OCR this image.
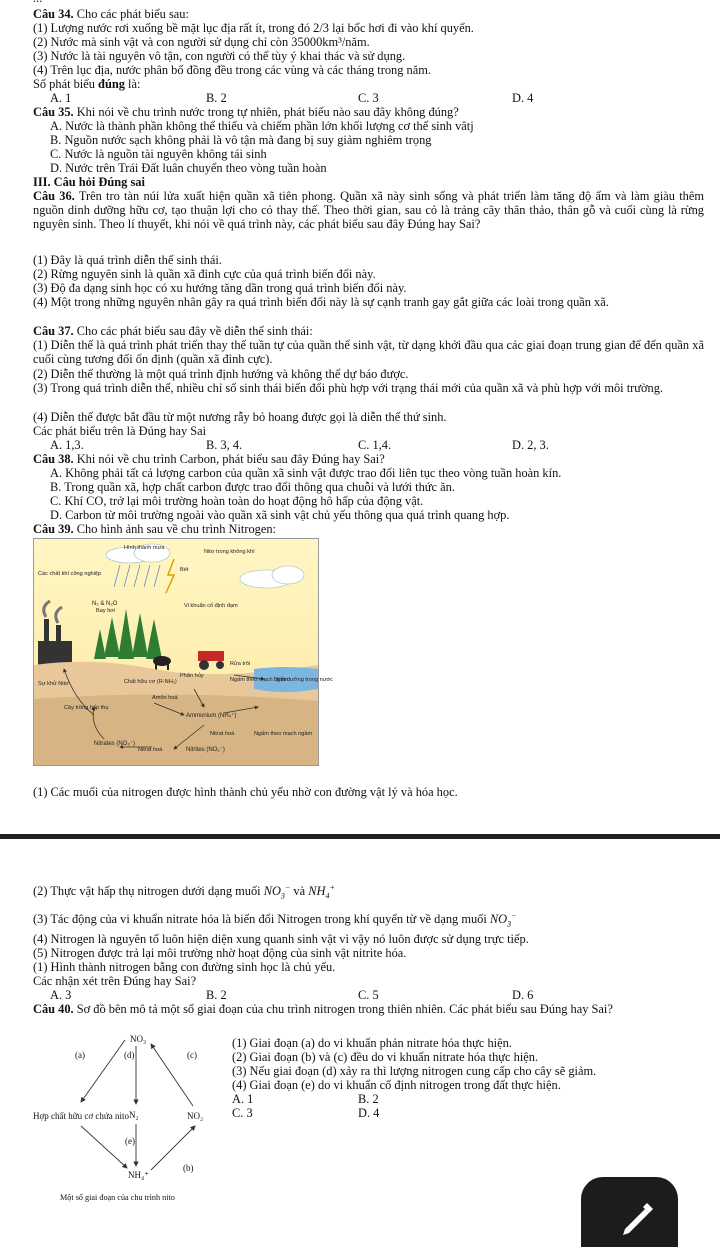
Câu 34. Cho các phát biểu sau:
(1) Lượng nước rơi xuống bề mặt lục địa rất ít, trong đó 2/3 lại bốc hơi đi vào khí quyển.
(2) Nước mà sinh vật và con người sử dụng chỉ còn 35000km³/năm.
(3) Nước là tài nguyên vô tận, con người có thể tùy ý khai thác và sử dụng.
(4) Trên lục địa, nước phân bố đồng đều trong các vùng và các tháng trong năm.
Số phát biểu đúng là:
A. 1	B. 2	C. 3	D. 4
Câu 35. Khi nói về chu trình nước trong tự nhiên, phát biểu nào sau đây không đúng?
A. Nước là thành phần không thể thiếu và chiếm phần lớn khối lượng cơ thể sinh vâtj
B. Nguồn nước sạch không phải là vô tận mà đang bị suy giảm nghiêm trọng
C. Nước là nguồn tài nguyên không tái sinh
D. Nước trên Trái Đất luân chuyển theo vòng tuần hoàn
III. Câu hỏi Đúng sai
Câu 36. Trên tro tàn núi lửa xuất hiện quần xã tiên phong. Quần xã này sinh sống và phát triển làm tăng độ ẩm và làm giàu thêm nguồn dinh dưỡng hữu cơ, tạo thuận lợi cho cỏ thay thế. Theo thời gian, sau cỏ là trảng cây thân thảo, thân gỗ và cuối cùng là rừng nguyên sinh. Theo lí thuyết, khi nói về quá trình này, các phát biểu sau đây Đúng hay Sai?
(1) Đây là quá trình diễn thế sinh thái.
(2) Rừng nguyên sinh là quần xã đỉnh cực của quá trình biến đổi này.
(3) Độ đa dạng sinh học có xu hướng tăng dần trong quá trình biến đổi này.
(4) Một trong những nguyên nhân gây ra quá trình biến đổi này là sự cạnh tranh gay gắt giữa các loài trong quần xã.
Câu 37. Cho các phát biểu sau đây về diễn thế sinh thái:
(1) Diễn thế là quá trình phát triển thay thế tuần tự của quần thể sinh vật, từ dạng khởi đầu qua các giai đoạn trung gian để đến quần xã cuối cùng tương đối ổn định (quần xã đỉnh cực).
(2) Diễn thế thường là một quá trình định hướng và không thể dự báo được.
(3) Trong quá trình diễn thế, nhiều chỉ số sinh thái biến đổi phù hợp với trạng thái mới của quần xã và phù hợp với môi trường.
(4) Diễn thế được bắt đầu từ một nương rẫy bỏ hoang được gọi là diễn thế thứ sinh.
Các phát biểu trên là Đúng hay Sai
A. 1,3.	B. 3, 4.	C. 1,4.	D. 2, 3.
Câu 38. Khi nói về chu trình Carbon, phát biểu sau đây Đúng hay Sai?
A. Không phải tất cả lượng carbon của quần xã sinh vật được trao đổi liên tục theo vòng tuần hoàn kín.
B. Trong quần xã, hợp chất carbon được trao đổi thông qua chuỗi và lưới thức ăn.
C. Khí CO, trở lại môi trường hoàn toàn do hoạt động hô hấp của động vật.
D. Carbon từ môi trường ngoài vào quần xã sinh vật chủ yếu thông qua quá trình quang hợp.
Câu 39. Cho hình ảnh sau về chu trình Nitrogen:
Hình thành mưa
Nitơ trong không khí
Bét
Các chất khí công nghiệp
N₂ & N₂O
Bay hơi
Vi khuẩn cố định đạm
Sự khử Nitơ	Chất hữu cơ (R-NH₂)
Phân hủy
Rửa trôi
Ngấm theo mạch ngầm
Dinh dưỡng trong nước
Cây trồng hấp thụ
Amôn hoá
Ammonium (NH₄⁺)
Nitrat hoá	Ngấm theo mạch ngầm
Nitrates (NO₃⁻)
Nitrat hoá	Nitrites (NO₂⁻)
(1) Các muối của nitrogen được hình thành chủ yếu nhờ con đường vật lý và hóa học.
(2) Thực vật hấp thụ nitrogen dưới dạng muối $NO_3^-$ và $NH_4^+$
(3) Tác động của vi khuẩn nitrate hóa là biến đổi Nitrogen trong khí quyển từ về dạng muối $NO_3^-$
(4) Nitrogen là nguyên tố luôn hiện diện xung quanh sinh vật vì vậy nó luôn được sử dụng trực tiếp.
(5) Nitrogen được trả lại môi trường nhờ hoạt động của sinh vật nitrite hóa.
(1) Hình thành nitrogen bằng con đường sinh học là chủ yếu.
Các nhận xét trên Đúng hay Sai?
A. 3	B. 2	C. 5	D. 6
Câu 40. Sơ đồ bên mô tả một số giai đoạn của chu trình nitrogen trong thiên nhiên. Các phát biểu sau Đúng hay Sai?
NO₃
(a)	(d)	(c)
Hợp chất hữu cơ chứa nito N₂	NO₂
(e)
NH₄⁺
(b)
Một số giai đoạn của chu trình nito
(1) Giai đoạn (a) do vi khuẩn phản nitrate hóa thực hiện.
(2) Giai đoạn (b) và (c) đều do vi khuẩn nitrate hóa thực hiện.
(3) Nếu giai đoạn (d) xảy ra thì lượng nitrogen cung cấp cho cây sẽ giảm.
(4) Giai đoạn (e) do vi khuẩn cố định nitrogen trong đất thực hiện.
A. 1	B. 2
C. 3	D. 4
